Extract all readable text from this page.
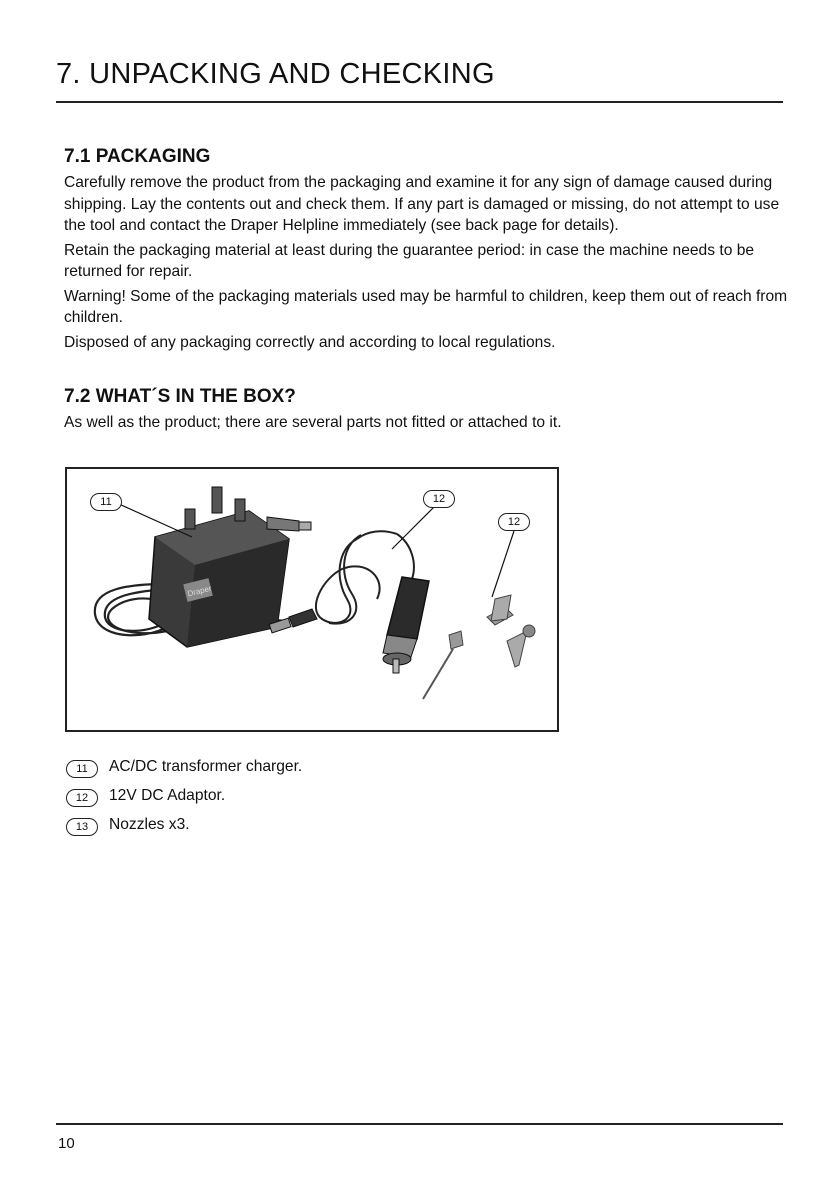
7. UNPACKING AND CHECKING
7.1 PACKAGING

Carefully remove the product from the packaging and examine it for any sign of damage caused during shipping. Lay the contents out and check them. If any part is damaged or missing, do not attempt to use the tool and contact the Draper Helpline immediately (see back page for details).

Retain the packaging material at least during the guarantee period: in case the machine needs to be returned for repair.

Warning! Some of the packaging materials used may be harmful to children, keep them out of reach from children.

Disposed of any packaging correctly and according to local regulations.

7.2 WHAT´S IN THE BOX?

As well as the product; there are several parts not fitted or attached to it.

Draper
11	12
12
11	AC/DC transformer charger.
12	12V DC Adaptor.
13	Nozzles x3.
10
